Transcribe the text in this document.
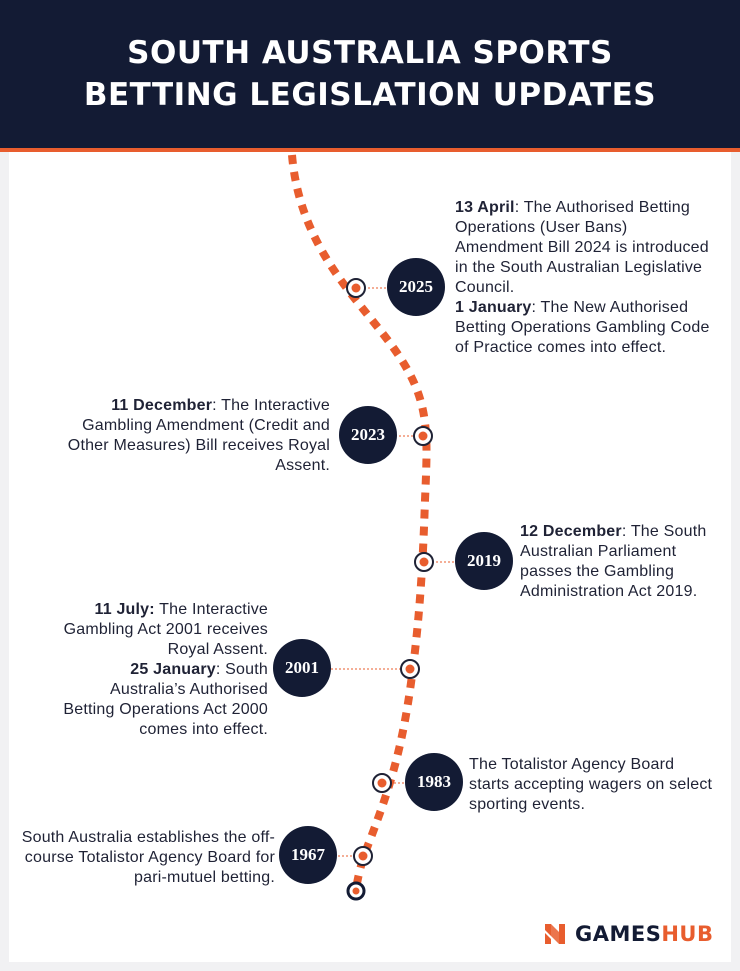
SOUTH AUSTRALIA SPORTS
BETTING LEGISLATION UPDATES
2025
2023
2019
2001
1983
1967

13 April: The Authorised Betting Operations (User Bans) Amendment Bill 2024 is introduced in the South Australian Legislative Council.

1 January: The New Authorised Betting Operations Gambling Code of Practice comes into effect.

11 December: The Interactive Gambling Amendment (Credit and Other Measures) Bill receives Royal Assent.

12 December: The South Australian Parliament passes the Gambling Administration Act 2019.

11 July: The Interactive Gambling Act 2001 receives Royal Assent.

25 January: South Australia’s Authorised Betting Operations Act 2000 comes into effect.

The Totalistor Agency Board starts accepting wagers on select sporting events.

South Australia establishes the off-course Totalistor Agency Board for pari-mutuel betting.

GAMESHUB
